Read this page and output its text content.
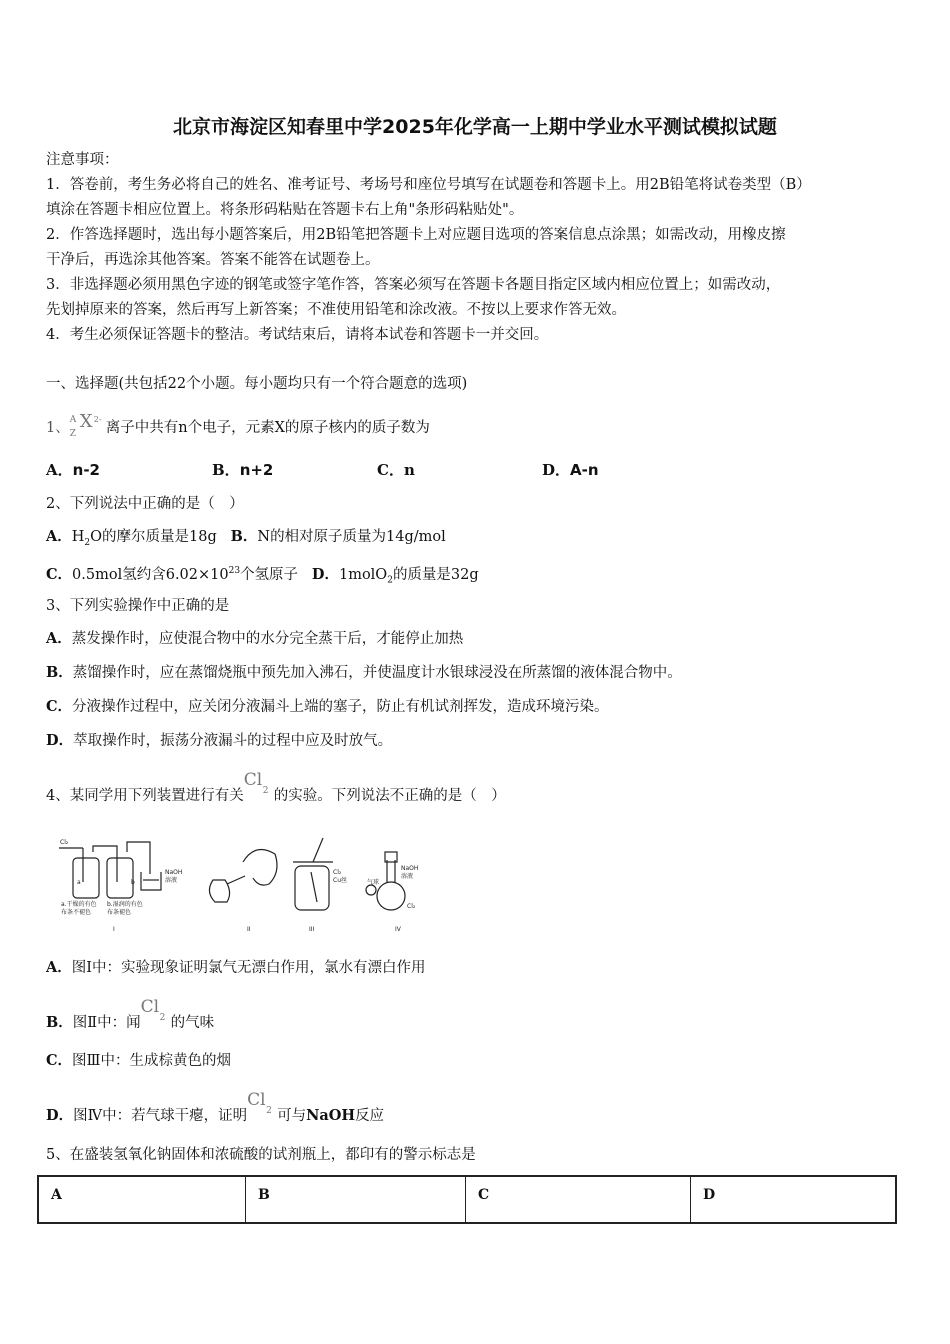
北京市海淀区知春里中学2025年化学高一上期中学业水平测试模拟试题
注意事项：
1．答卷前，考生务必将自己的姓名、准考证号、考场号和座位号填写在试题卷和答题卡上。用2B铅笔将试卷类型（B）
填涂在答题卡相应位置上。将条形码粘贴在答题卡右上角"条形码粘贴处"。
2．作答选择题时，选出每小题答案后，用2B铅笔把答题卡上对应题目选项的答案信息点涂黑；如需改动，用橡皮擦
干净后，再选涂其他答案。答案不能答在试题卷上。
3．非选择题必须用黑色字迹的钢笔或签字笔作答，答案必须写在答题卡各题目指定区域内相应位置上；如需改动，
先划掉原来的答案，然后再写上新答案；不准使用铅笔和涂改液。不按以上要求作答无效。
4．考生必须保证答题卡的整洁。考试结束后，请将本试卷和答题卡一并交回。
一、选择题(共包括22个小题。每小题均只有一个符合题意的选项)
1、 A
Z
X 2-
离子中共有n个电子，元素X的原子核内的质子数为
A．n-2	B．n+2	C．n	D．A-n
2、下列说法中正确的是（　）
A．$H_2O$的摩尔质量是18g B．N的相对原子质量为14g/mol
C．0.5mol氢约含$6.02\times 10^{23}$个氢原子 D．1molO$_2$的质量是32g
3、下列实验操作中正确的是
A．蒸发操作时，应使混合物中的水分完全蒸干后，才能停止加热
B．蒸馏操作时，应在蒸馏烧瓶中预先加入沸石，并使温度计水银球浸没在所蒸馏的液体混合物中。
C．分液操作过程中，应关闭分液漏斗上端的塞子，防止有机试剂挥发，造成环境污染。
D．萃取操作时，振荡分液漏斗的过程中应及时放气。
4、某同学用下列装置进行有关
Cl
2 的实验。下列说法不正确的是（　）
Cl₂
a	b
NaOH
溶液
a.干燥的有色
布条不褪色
b.湿润的有色
布条褪色
Cl₂
Cu丝	气球
NaOH
溶液
Cl₂
I	II	III	IV
A．图Ⅰ中：实验现象证明氯气无漂白作用，氯水有漂白作用
B．图Ⅱ中：闻
Cl
2 的气味
C．图Ⅲ中：生成棕黄色的烟
D．图Ⅳ中：若气球干瘪，证明
Cl
2 可与NaOH反应
5、在盛装氢氧化钠固体和浓硫酸的试剂瓶上，都印有的警示标志是
A	B	C	D
